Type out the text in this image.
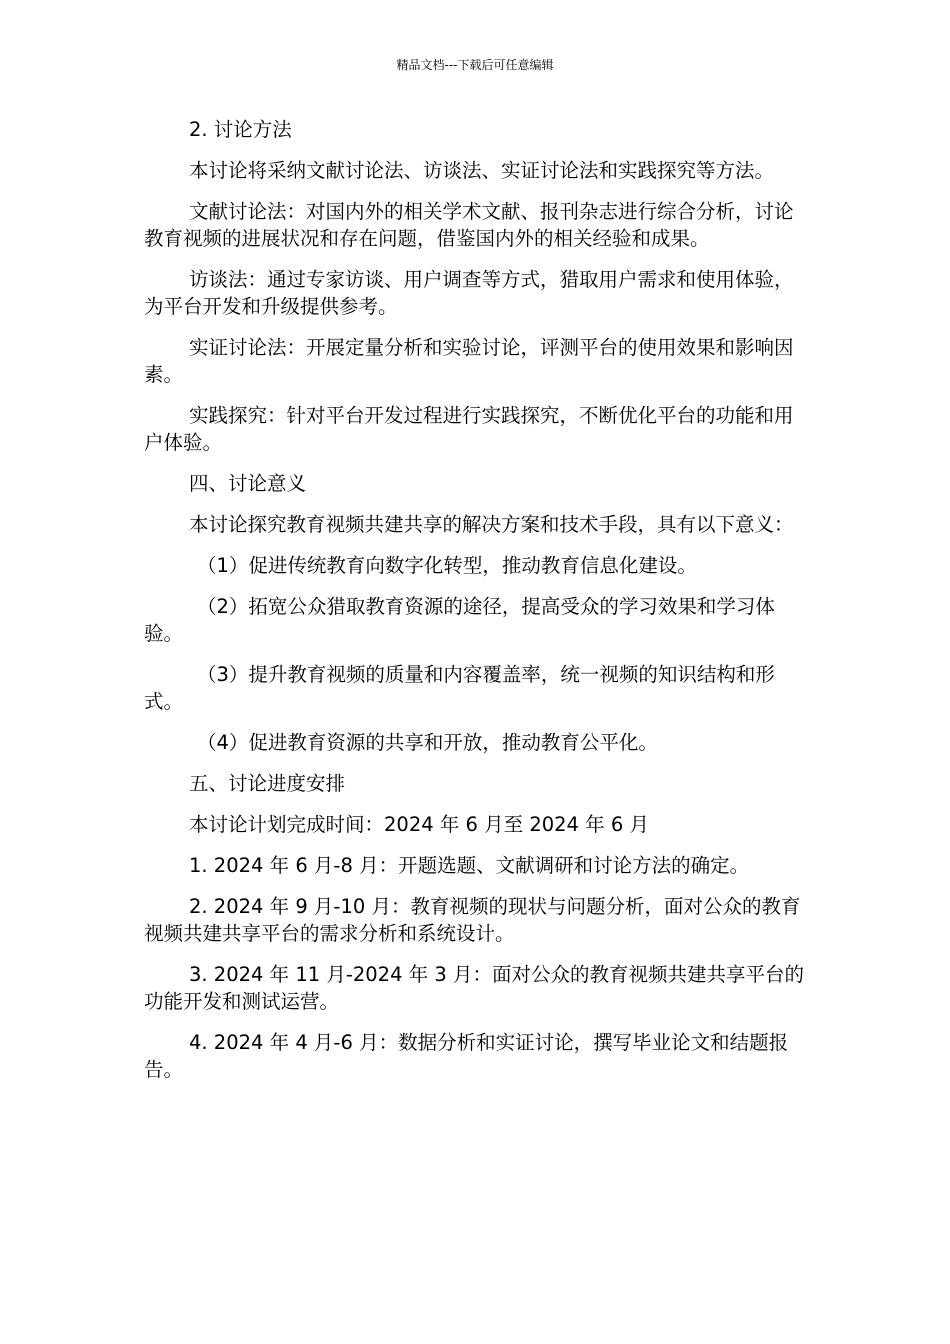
精品文档---下载后可任意编辑

2. 讨论方法

本讨论将采纳文献讨论法、访谈法、实证讨论法和实践探究等方法。

文献讨论法：对国内外的相关学术文献、报刊杂志进行综合分析，讨论教育视频的进展状况和存在问题，借鉴国内外的相关经验和成果。

访谈法：通过专家访谈、用户调查等方式，猎取用户需求和使用体验，为平台开发和升级提供参考。

实证讨论法：开展定量分析和实验讨论，评测平台的使用效果和影响因素。

实践探究：针对平台开发过程进行实践探究，不断优化平台的功能和用户体验。

四、讨论意义

本讨论探究教育视频共建共享的解决方案和技术手段，具有以下意义：

（1）促进传统教育向数字化转型，推动教育信息化建设。

（2）拓宽公众猎取教育资源的途径，提高受众的学习效果和学习体验。

（3）提升教育视频的质量和内容覆盖率，统一视频的知识结构和形式。

（4）促进教育资源的共享和开放，推动教育公平化。

五、讨论进度安排

本讨论计划完成时间：2024 年 6 月至 2024 年 6 月

1. 2024 年 6 月-8 月：开题选题、文献调研和讨论方法的确定。

2. 2024 年 9 月-10 月：教育视频的现状与问题分析，面对公众的教育视频共建共享平台的需求分析和系统设计。

3. 2024 年 11 月-2024 年 3 月：面对公众的教育视频共建共享平台的功能开发和测试运营。

4. 2024 年 4 月-6 月：数据分析和实证讨论，撰写毕业论文和结题报告。
